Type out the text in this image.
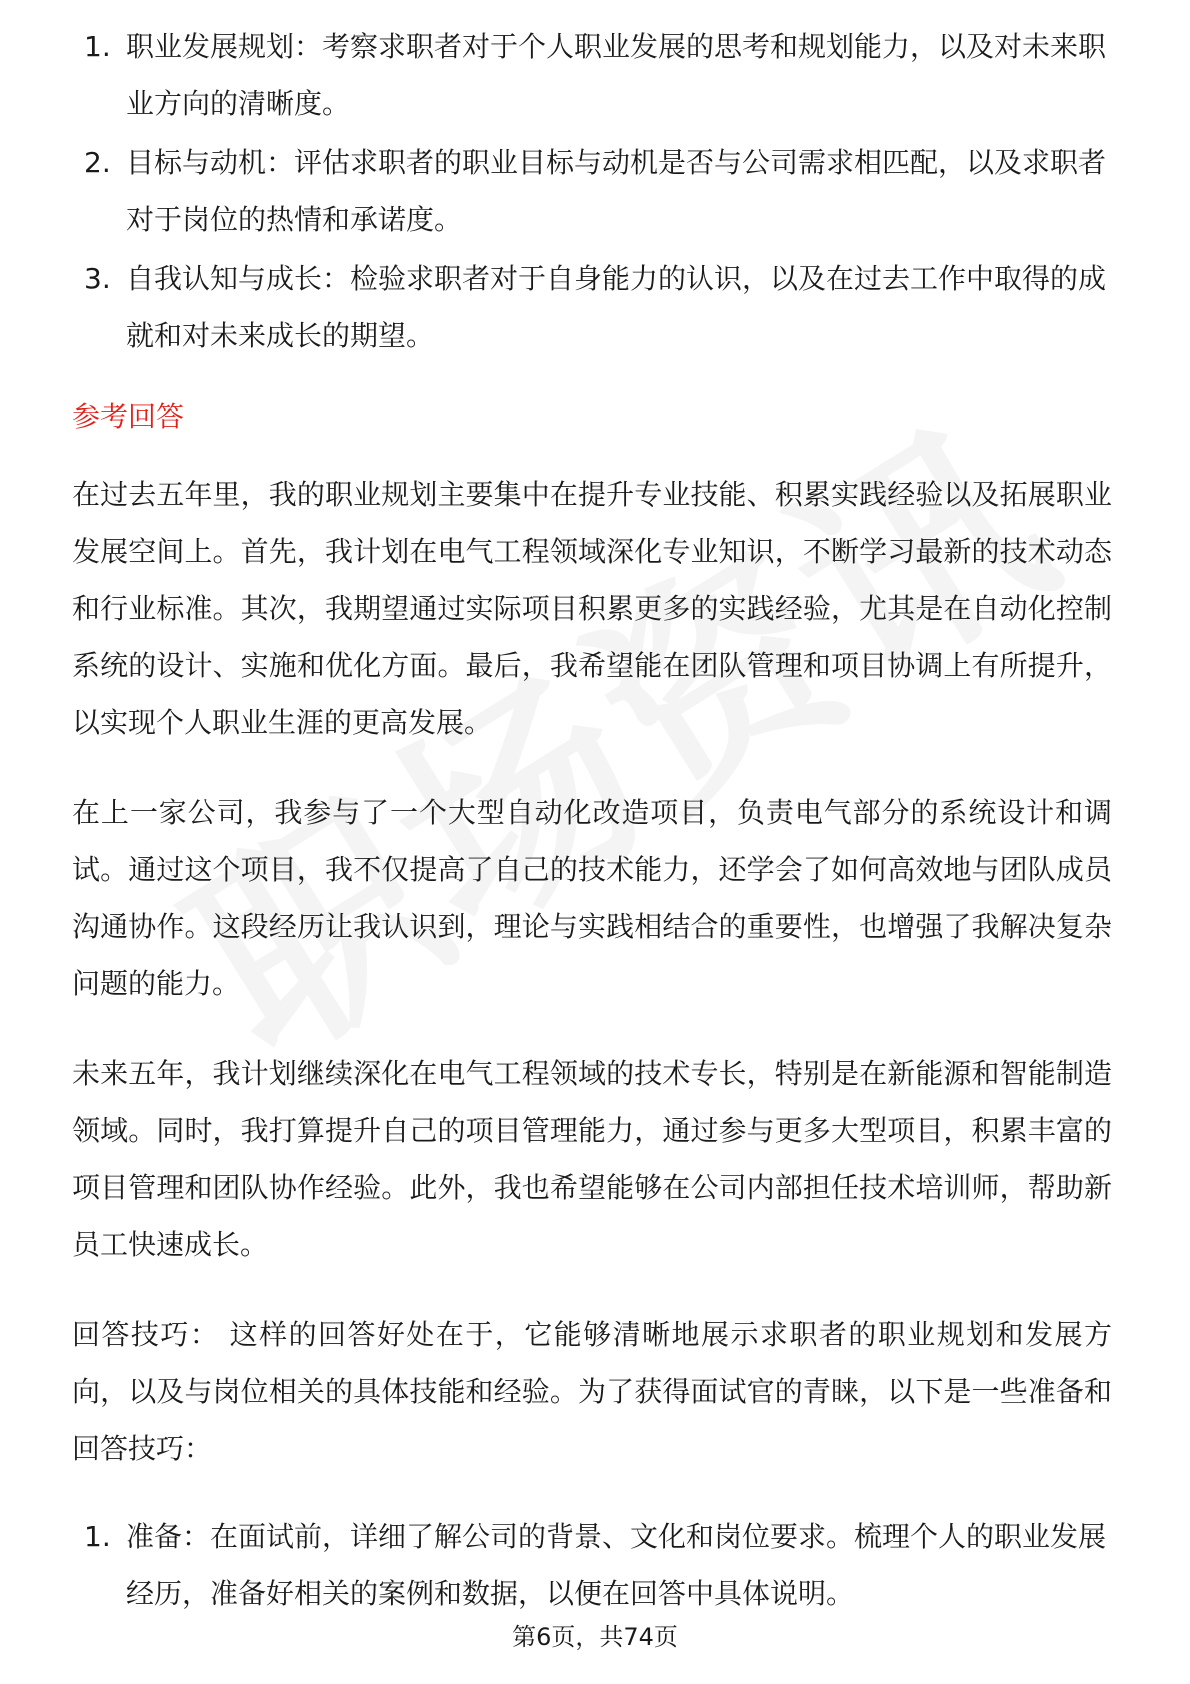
1. 职业发展规划：考察求职者对于个人职业发展的思考和规划能力，以及对未来职业方向的清晰度。
2. 目标与动机：评估求职者的职业目标与动机是否与公司需求相匹配，以及求职者对于岗位的热情和承诺度。
3. 自我认知与成长：检验求职者对于自身能力的认识，以及在过去工作中取得的成就和对未来成长的期望。
参考回答

在过去五年里，我的职业规划主要集中在提升专业技能、积累实践经验以及拓展职业发展空间上。首先，我计划在电气工程领域深化专业知识，不断学习最新的技术动态和行业标准。其次，我期望通过实际项目积累更多的实践经验，尤其是在自动化控制系统的设计、实施和优化方面。最后，我希望能在团队管理和项目协调上有所提升，以实现个人职业生涯的更高发展。

在上一家公司，我参与了一个大型自动化改造项目，负责电气部分的系统设计和调试。通过这个项目，我不仅提高了自己的技术能力，还学会了如何高效地与团队成员沟通协作。这段经历让我认识到，理论与实践相结合的重要性，也增强了我解决复杂问题的能力。

未来五年，我计划继续深化在电气工程领域的技术专长，特别是在新能源和智能制造领域。同时，我打算提升自己的项目管理能力，通过参与更多大型项目，积累丰富的项目管理和团队协作经验。此外，我也希望能够在公司内部担任技术培训师，帮助新员工快速成长。

回答技巧： 这样的回答好处在于，它能够清晰地展示求职者的职业规划和发展方向，以及与岗位相关的具体技能和经验。为了获得面试官的青睐，以下是一些准备和回答技巧：

1. 准备：在面试前，详细了解公司的背景、文化和岗位要求。梳理个人的职业发展经历，准备好相关的案例和数据，以便在回答中具体说明。
第6页，共74页
